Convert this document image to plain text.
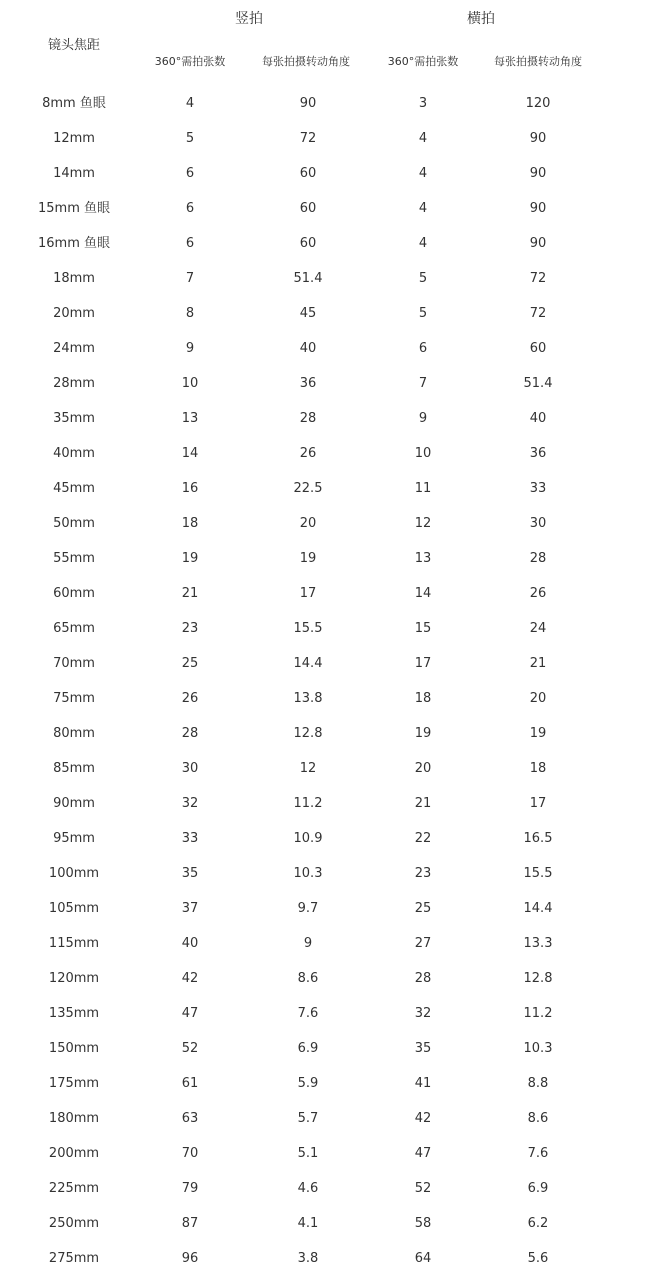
竖拍	横拍
镜头焦距
360°需拍张数	每张拍摄转动角度	360°需拍张数	每张拍摄转动角度
8mm 鱼眼	4	90	3	120
12mm	5	72	4	90
14mm	6	60	4	90
15mm 鱼眼	6	60	4	90
16mm 鱼眼	6	60	4	90
18mm	7	51.4	5	72
20mm	8	45	5	72
24mm	9	40	6	60
28mm	10	36	7	51.4
35mm	13	28	9	40
40mm	14	26	10	36
45mm	16	22.5	11	33
50mm	18	20	12	30
55mm	19	19	13	28
60mm	21	17	14	26
65mm	23	15.5	15	24
70mm	25	14.4	17	21
75mm	26	13.8	18	20
80mm	28	12.8	19	19
85mm	30	12	20	18
90mm	32	11.2	21	17
95mm	33	10.9	22	16.5
100mm	35	10.3	23	15.5
105mm	37	9.7	25	14.4
115mm	40	9	27	13.3
120mm	42	8.6	28	12.8
135mm	47	7.6	32	11.2
150mm	52	6.9	35	10.3
175mm	61	5.9	41	8.8
180mm	63	5.7	42	8.6
200mm	70	5.1	47	7.6
225mm	79	4.6	52	6.9
250mm	87	4.1	58	6.2
275mm	96	3.8	64	5.6
